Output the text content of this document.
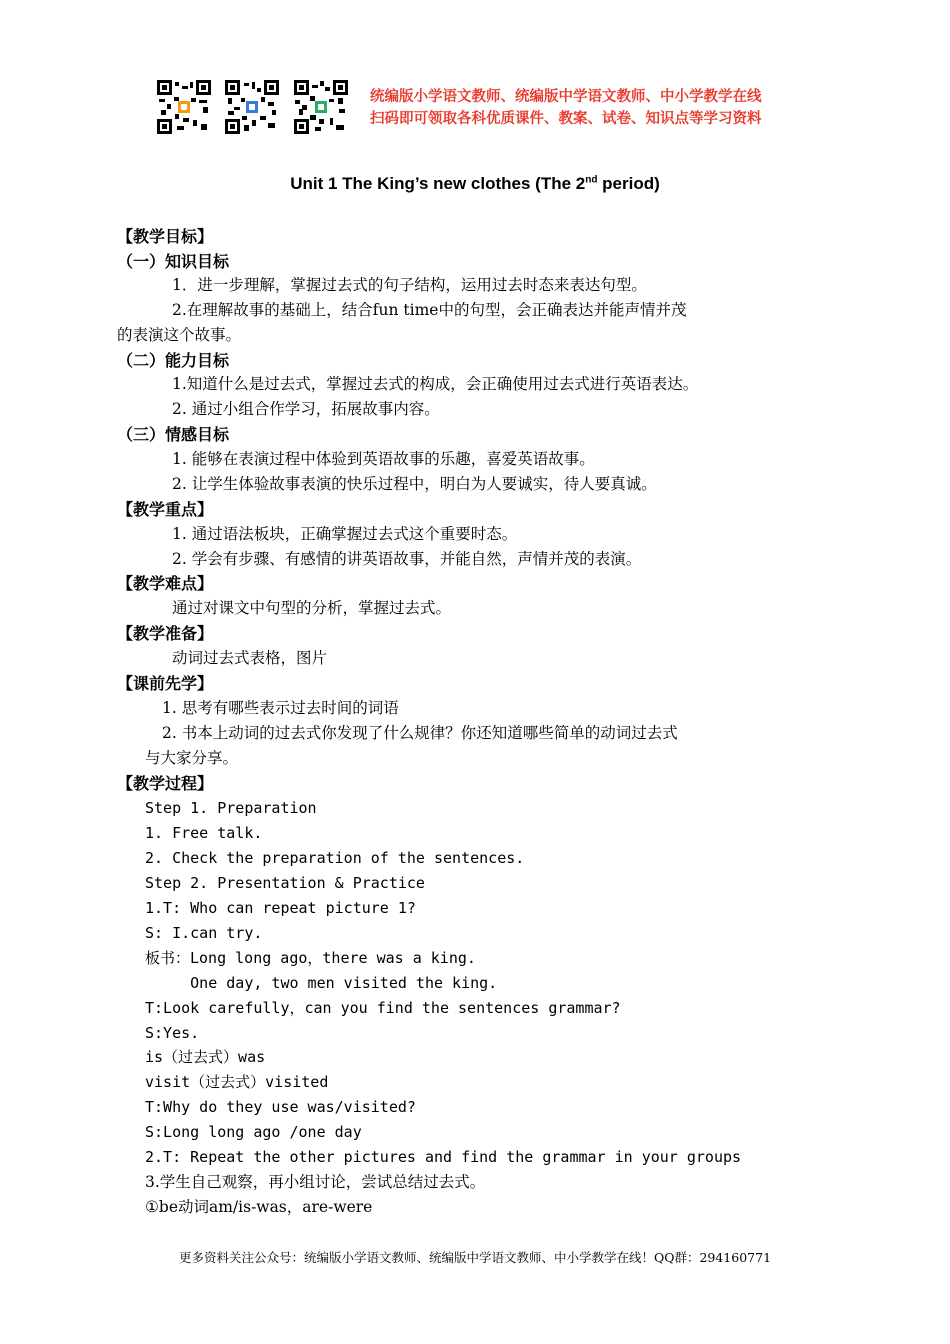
统编版小学语文教师、统编版中学语文教师、中小学教学在线
扫码即可领取各科优质课件、教案、试卷、知识点等学习资料
Unit 1 The King’s new clothes (The 2nd period)
【教学目标】
（一）知识目标
1．进一步理解，掌握过去式的句子结构，运用过去时态来表达句型。
2.在理解故事的基础上，结合fun time中的句型，会正确表达并能声情并茂
的表演这个故事。
（二）能力目标
1.知道什么是过去式，掌握过去式的构成，会正确使用过去式进行英语表达。
2. 通过小组合作学习，拓展故事内容。
（三）情感目标
1. 能够在表演过程中体验到英语故事的乐趣，喜爱英语故事。
2. 让学生体验故事表演的快乐过程中，明白为人要诚实，待人要真诚。
【教学重点】
1. 通过语法板块，正确掌握过去式这个重要时态。
2. 学会有步骤、有感情的讲英语故事，并能自然，声情并茂的表演。
【教学难点】
通过对课文中句型的分析，掌握过去式。
【教学准备】
动词过去式表格，图片
【课前先学】
1. 思考有哪些表示过去时间的词语
2. 书本上动词的过去式你发现了什么规律？你还知道哪些简单的动词过去式
与大家分享。
【教学过程】
Step 1. Preparation
1. Free talk.
2. Check the preparation of the sentences.
Step 2. Presentation & Practice
1.T: Who can repeat picture 1?
S: I.can try.
板书：Long long ago，there was a king.
One day, two men visited the king.
T:Look carefully，can you find the sentences grammar?
S:Yes.
is（过去式）was
visit（过去式）visited
T:Why do they use was/visited?
S:Long long ago /one day
2.T: Repeat the other pictures and find the grammar in your groups
3.学生自己观察，再小组讨论，尝试总结过去式。
①be动词am/is-was，are-were
更多资料关注公众号：统编版小学语文教师、统编版中学语文教师、中小学教学在线！QQ群：294160771
